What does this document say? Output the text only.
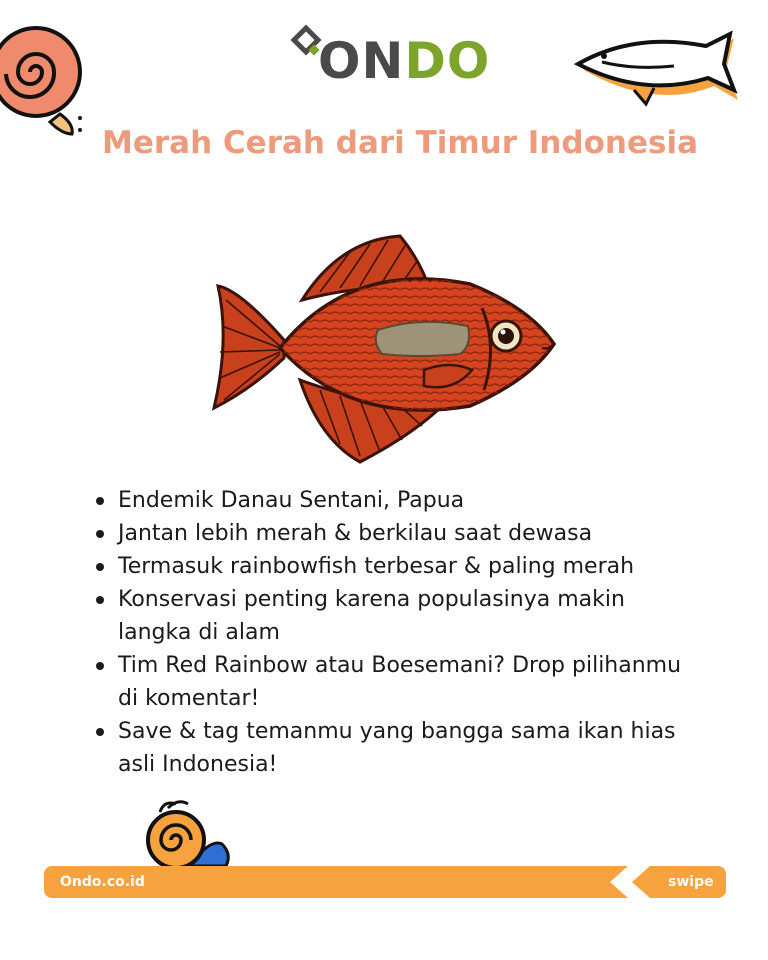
ONDO
Merah Cerah dari Timur Indonesia
Endemik Danau Sentani, Papua
Jantan lebih merah & berkilau saat dewasa
Termasuk rainbowfish terbesar & paling merah
Konservasi penting karena populasinya makin langka di alam
Tim Red Rainbow atau Boesemani? Drop pilihanmu di komentar!
Save & tag temanmu yang bangga sama ikan hias asli Indonesia!
Ondo.co.id	swipe
